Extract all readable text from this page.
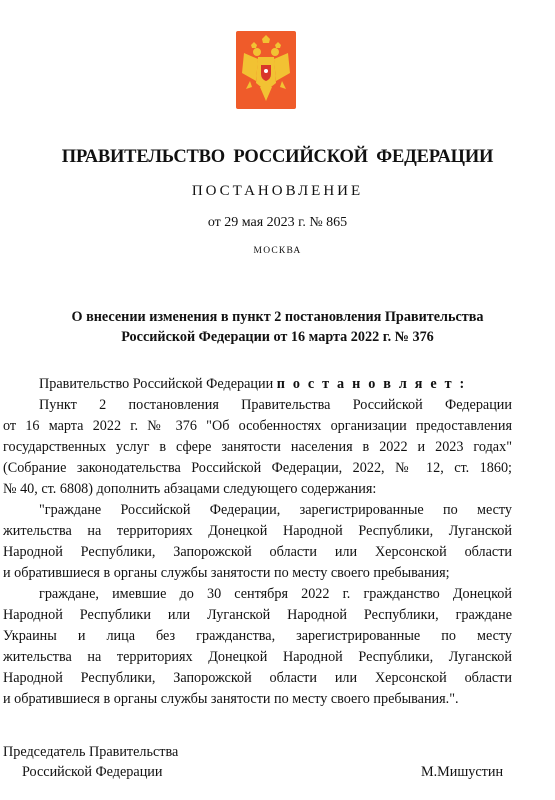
ПРАВИТЕЛЬСТВО РОССИЙСКОЙ ФЕДЕРАЦИИ
ПОСТАНОВЛЕНИЕ
от 29 мая 2023 г. № 865
МОСКВА
О внесении изменения в пункт 2 постановления Правительства
Российской Федерации от 16 марта 2022 г. № 376
Правительство Российской Федерации п о с т а н о в л я е т :
Пункт 2 постановления Правительства Российской Федерации
от 16 марта 2022 г. № 376 "Об особенностях организации предоставления
государственных услуг в сфере занятости населения в 2022 и 2023 годах"
(Собрание законодательства Российской Федерации, 2022, № 12, ст. 1860;
№ 40, ст. 6808) дополнить абзацами следующего содержания:
"граждане Российской Федерации, зарегистрированные по месту
жительства на территориях Донецкой Народной Республики, Луганской
Народной Республики, Запорожской области или Херсонской области
и обратившиеся в органы службы занятости по месту своего пребывания;
граждане, имевшие до 30 сентября 2022 г. гражданство Донецкой
Народной Республики или Луганской Народной Республики, граждане
Украины и лица без гражданства, зарегистрированные по месту
жительства на территориях Донецкой Народной Республики, Луганской
Народной Республики, Запорожской области или Херсонской области
и обратившиеся в органы службы занятости по месту своего пребывания.".
Председатель Правительства
Российской Федерации	М.Мишустин
